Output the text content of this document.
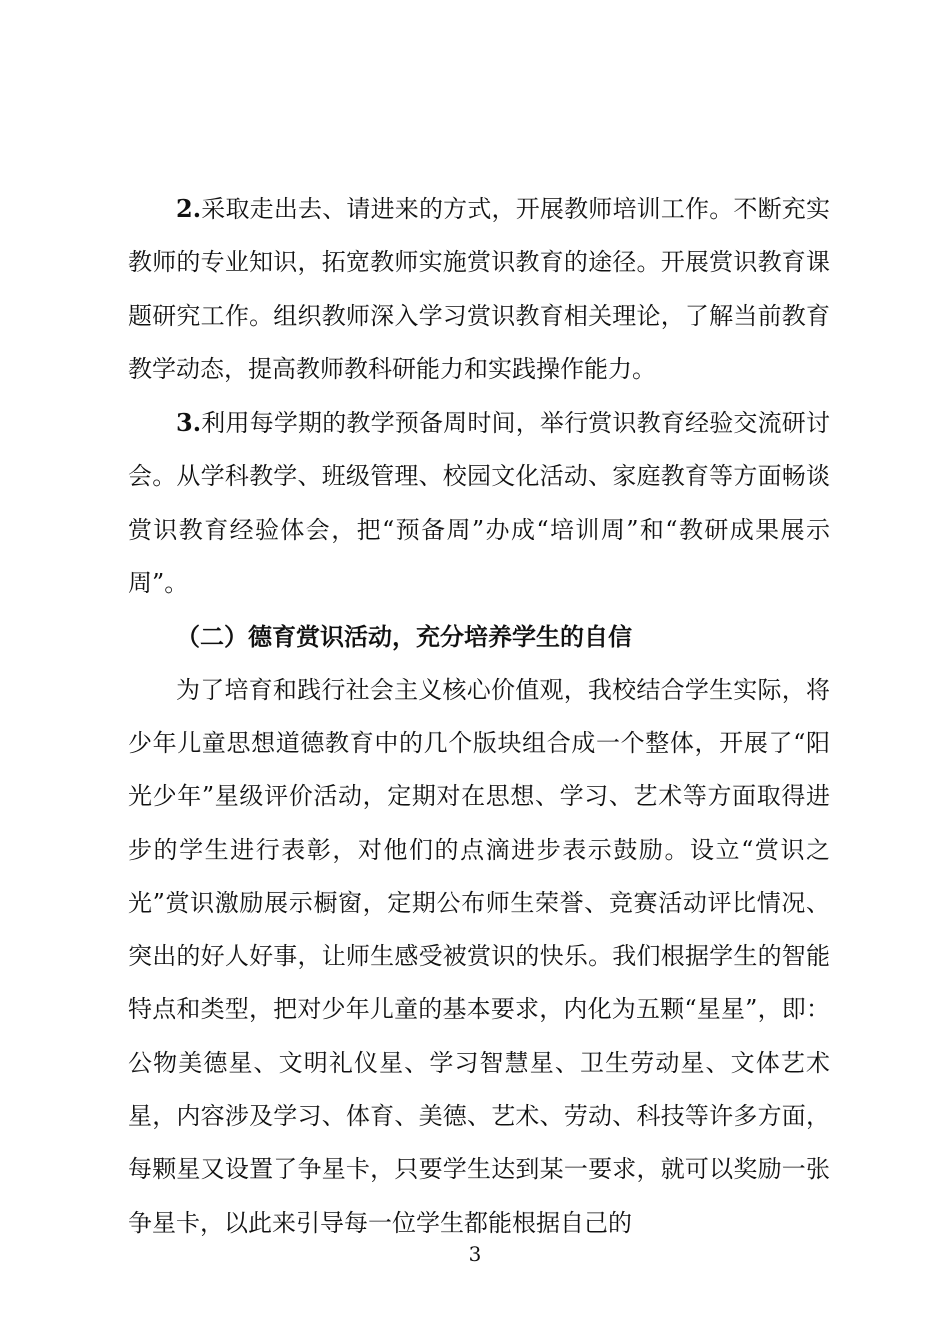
2.采取走出去、请进来的方式，开展教师培训工作。不断充实教师的专业知识，拓宽教师实施赏识教育的途径。开展赏识教育课题研究工作。组织教师深入学习赏识教育相关理论，了解当前教育教学动态，提高教师教科研能力和实践操作能力。

3.利用每学期的教学预备周时间，举行赏识教育经验交流研讨会。从学科教学、班级管理、校园文化活动、家庭教育等方面畅谈赏识教育经验体会，把“预备周”办成“培训周”和“教研成果展示周”。

（二）德育赏识活动，充分培养学生的自信

为了培育和践行社会主义核心价值观，我校结合学生实际，将少年儿童思想道德教育中的几个版块组合成一个整体，开展了“阳光少年”星级评价活动，定期对在思想、学习、艺术等方面取得进步的学生进行表彰，对他们的点滴进步表示鼓励。设立“赏识之光”赏识激励展示橱窗，定期公布师生荣誉、竞赛活动评比情况、突出的好人好事，让师生感受被赏识的快乐。我们根据学生的智能特点和类型，把对少年儿童的基本要求，内化为五颗“星星”，即：公物美德星、文明礼仪星、学习智慧星、卫生劳动星、文体艺术星，内容涉及学习、体育、美德、艺术、劳动、科技等许多方面，每颗星又设置了争星卡，只要学生达到某一要求，就可以奖励一张争星卡，以此来引导每一位学生都能根据自己的

3
